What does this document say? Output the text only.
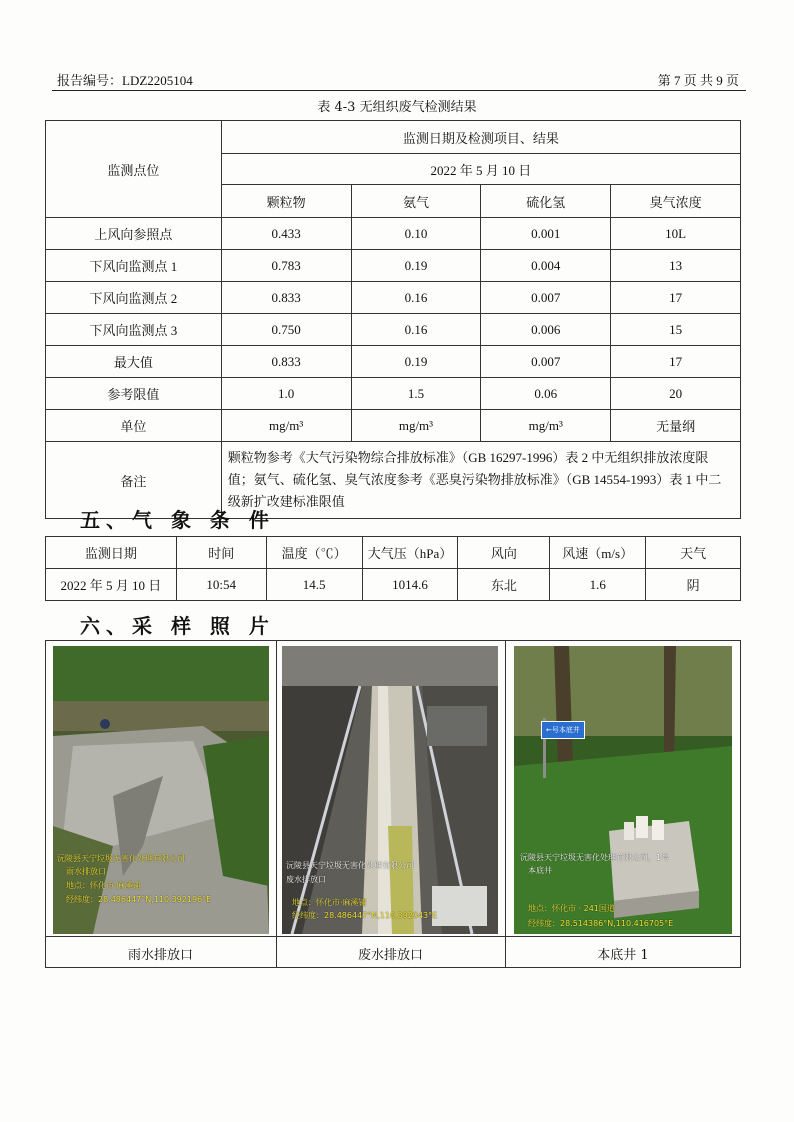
报告编号：LDZ2205104	第 7 页 共 9 页
表 4-3 无组织废气检测结果
监测点位	监测日期及检测项目、结果			
	2022 年 5 月 10 日			
	颗粒物	氨气	硫化氢	臭气浓度
上风向参照点	0.433	0.10	0.001	10L
下风向监测点 1	0.783	0.19	0.004	13
下风向监测点 2	0.833	0.16	0.007	17
下风向监测点 3	0.750	0.16	0.006	15
最大值	0.833	0.19	0.007	17
参考限值	1.0	1.5	0.06	20
单位	mg/m³	mg/m³	mg/m³	无量纲
备注	颗粒物参考《大气污染物综合排放标准》（GB 16297-1996）表 2 中无组织排放浓度限值；氨气、硫化氢、臭气浓度参考《恶臭污染物排放标准》（GB 14554-1993）表 1 中二级新扩改建标准限值			
五、气 象 条 件
监测日期	时间	温度（℃）	大气压（hPa）	风向	风速（m/s）	天气
2022 年 5 月 10 日	10:54	14.5	1014.6	东北	1.6	阴
六、采 样 照 片
沅陵县天宁垃圾无害化处理有限公司
雨水排放口
地点：怀化市·麻溪铺
经纬度：28.486447°N,110.392196°E
沅陵县天宁垃圾无害化处理有限公司
废水排放口
地点：怀化市·麻溪铺
经纬度：28.486447°N,110.392043°E
←号本底井
沅陵县天宁垃圾无害化处理有限公司，1号
本底井
地点：怀化市 · 241国道
经纬度：28.514386°N,110.416705°E
雨水排放口	废水排放口	本底井 1
